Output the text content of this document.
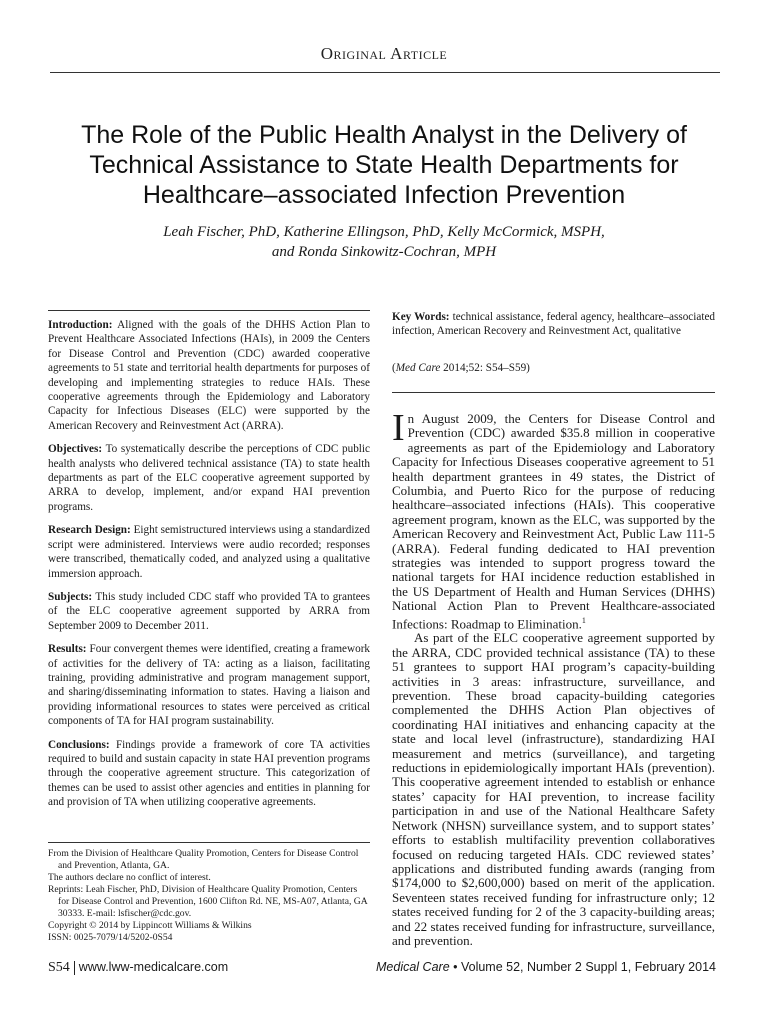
Original Article
The Role of the Public Health Analyst in the Delivery of Technical Assistance to State Health Departments for Healthcare–associated Infection Prevention
Leah Fischer, PhD, Katherine Ellingson, PhD, Kelly McCormick, MSPH,
and Ronda Sinkowitz-Cochran, MPH

Introduction: Aligned with the goals of the DHHS Action Plan to Prevent Healthcare Associated Infections (HAIs), in 2009 the Centers for Disease Control and Prevention (CDC) awarded cooperative agreements to 51 state and territorial health departments for purposes of developing and implementing strategies to reduce HAIs. These cooperative agreements through the Epidemiology and Laboratory Capacity for Infectious Diseases (ELC) were supported by the American Recovery and Reinvestment Act (ARRA).

Objectives: To systematically describe the perceptions of CDC public health analysts who delivered technical assistance (TA) to state health departments as part of the ELC cooperative agreement supported by ARRA to develop, implement, and/or expand HAI prevention programs.

Research Design: Eight semistructured interviews using a standardized script were administered. Interviews were audio recorded; responses were transcribed, thematically coded, and analyzed using a qualitative immersion approach.

Subjects: This study included CDC staff who provided TA to grantees of the ELC cooperative agreement supported by ARRA from September 2009 to December 2011.

Results: Four convergent themes were identified, creating a framework of activities for the delivery of TA: acting as a liaison, facilitating training, providing administrative and program management support, and sharing/disseminating information to states. Having a liaison and providing informational resources to states were perceived as critical components of TA for HAI program sustainability.

Conclusions: Findings provide a framework of core TA activities required to build and sustain capacity in state HAI prevention programs through the cooperative agreement structure. This categorization of themes can be used to assist other agencies and entities in planning for and provision of TA when utilizing cooperative agreements.

From the Division of Healthcare Quality Promotion, Centers for Disease Control and Prevention, Atlanta, GA.
The authors declare no conflict of interest.
Reprints: Leah Fischer, PhD, Division of Healthcare Quality Promotion, Centers for Disease Control and Prevention, 1600 Clifton Rd. NE, MS-A07, Atlanta, GA 30333. E-mail: lsfischer@cdc.gov.
Copyright © 2014 by Lippincott Williams & Wilkins
ISSN: 0025-7079/14/5202-0S54
Key Words: technical assistance, federal agency, healthcare–associated infection, American Recovery and Reinvestment Act, qualitative
(Med Care 2014;52: S54–S59)

In August 2009, the Centers for Disease Control and Prevention (CDC) awarded $35.8 million in cooperative agreements as part of the Epidemiology and Laboratory Capacity for Infectious Diseases cooperative agreement to 51 health department grantees in 49 states, the District of Columbia, and Puerto Rico for the purpose of reducing healthcare–associated infections (HAIs). This cooperative agreement program, known as the ELC, was supported by the American Recovery and Reinvestment Act, Public Law 111-5 (ARRA). Federal funding dedicated to HAI prevention strategies was intended to support progress toward the national targets for HAI incidence reduction established in the US Department of Health and Human Services (DHHS) National Action Plan to Prevent Healthcare-associated Infections: Roadmap to Elimination.$^1$

As part of the ELC cooperative agreement supported by the ARRA, CDC provided technical assistance (TA) to these 51 grantees to support HAI program’s capacity-building activities in 3 areas: infrastructure, surveillance, and prevention. These broad capacity-building categories complemented the DHHS Action Plan objectives of coordinating HAI initiatives and enhancing capacity at the state and local level (infrastructure), standardizing HAI measurement and metrics (surveillance), and targeting reductions in epidemiologically important HAIs (prevention). This cooperative agreement intended to establish or enhance states’ capacity for HAI prevention, to increase facility participation in and use of the National Healthcare Safety Network (NHSN) surveillance system, and to support states’ efforts to establish multifacility prevention collaboratives focused on reducing targeted HAIs. CDC reviewed states’ applications and distributed funding awards (ranging from $174,000 to $2,600,000) based on merit of the application. Seventeen states received funding for infrastructure only; 12 states received funding for 2 of the 3 capacity-building areas; and 22 states received funding for infrastructure, surveillance, and prevention.

S54 www.lww-medicalcare.com	Medical Care • Volume 52, Number 2 Suppl 1, February 2014
